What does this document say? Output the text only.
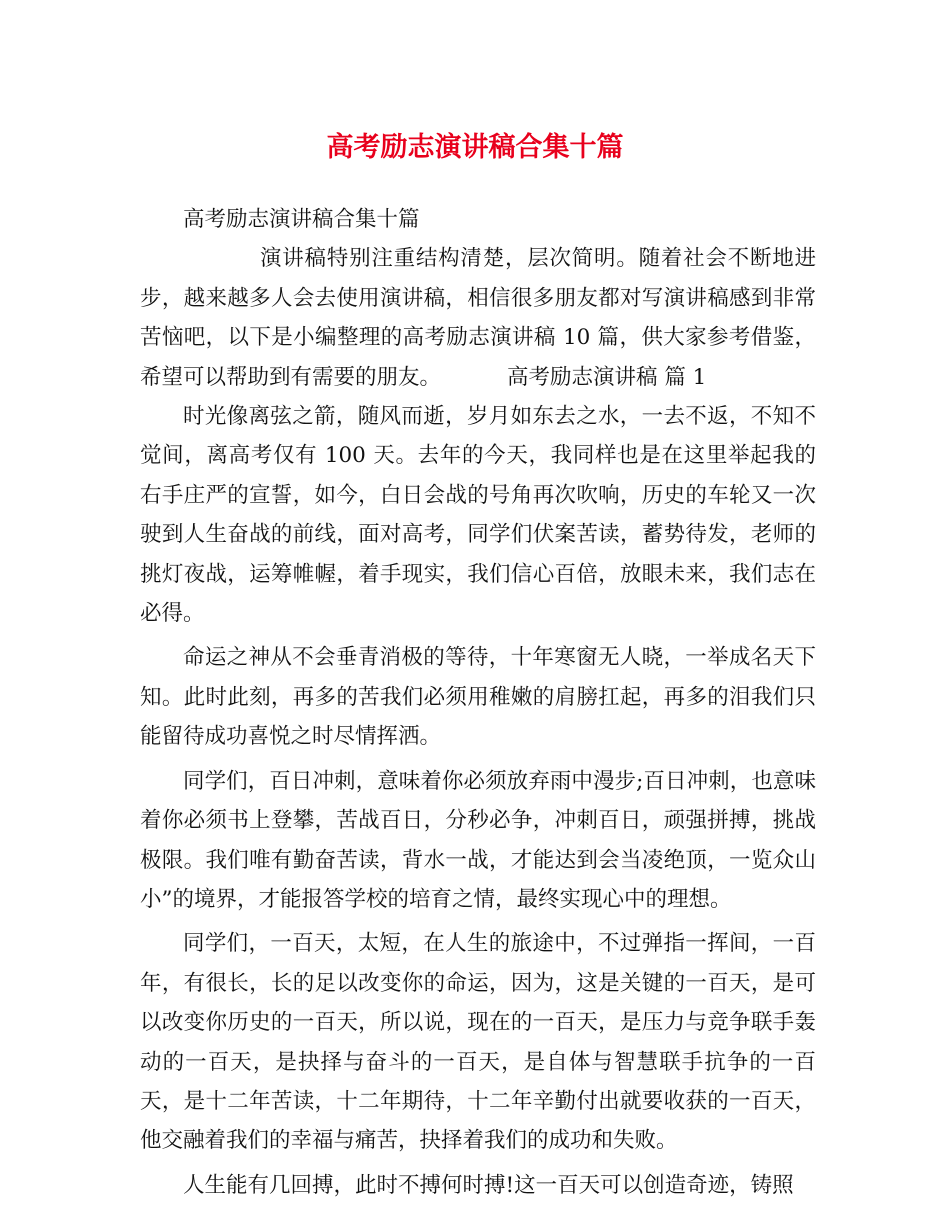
高考励志演讲稿合集十篇

高考励志演讲稿合集十篇

演讲稿特别注重结构清楚，层次简明。随着社会不断地进步，越来越多人会去使用演讲稿，相信很多朋友都对写演讲稿感到非常苦恼吧，以下是小编整理的高考励志演讲稿 10 篇，供大家参考借鉴，希望可以帮助到有需要的朋友。	高考励志演讲稿 篇 1

时光像离弦之箭，随风而逝，岁月如东去之水，一去不返，不知不觉间，离高考仅有 100 天。去年的今天，我同样也是在这里举起我的右手庄严的宣誓，如今，白日会战的号角再次吹响，历史的车轮又一次驶到人生奋战的前线，面对高考，同学们伏案苦读，蓄势待发，老师的挑灯夜战，运筹帷幄，着手现实，我们信心百倍，放眼未来，我们志在必得。

命运之神从不会垂青消极的等待，十年寒窗无人晓，一举成名天下知。此时此刻，再多的苦我们必须用稚嫩的肩膀扛起，再多的泪我们只能留待成功喜悦之时尽情挥洒。

同学们，百日冲刺，意味着你必须放弃雨中漫步;百日冲刺，也意味着你必须书上登攀，苦战百日，分秒必争，冲刺百日，顽强拼搏，挑战极限。我们唯有勤奋苦读，背水一战，才能达到会当凌绝顶，一览众山小”的境界，才能报答学校的培育之情，最终实现心中的理想。

同学们，一百天，太短，在人生的旅途中，不过弹指一挥间，一百年，有很长，长的足以改变你的命运，因为，这是关键的一百天，是可以改变你历史的一百天，所以说，现在的一百天，是压力与竞争联手轰动的一百天，是抉择与奋斗的一百天，是自体与智慧联手抗争的一百天，是十二年苦读，十二年期待，十二年辛勤付出就要收获的一百天，他交融着我们的幸福与痛苦，抉择着我们的成功和失败。

人生能有几回搏，此时不搏何时搏!这一百天可以创造奇迹，铸照
